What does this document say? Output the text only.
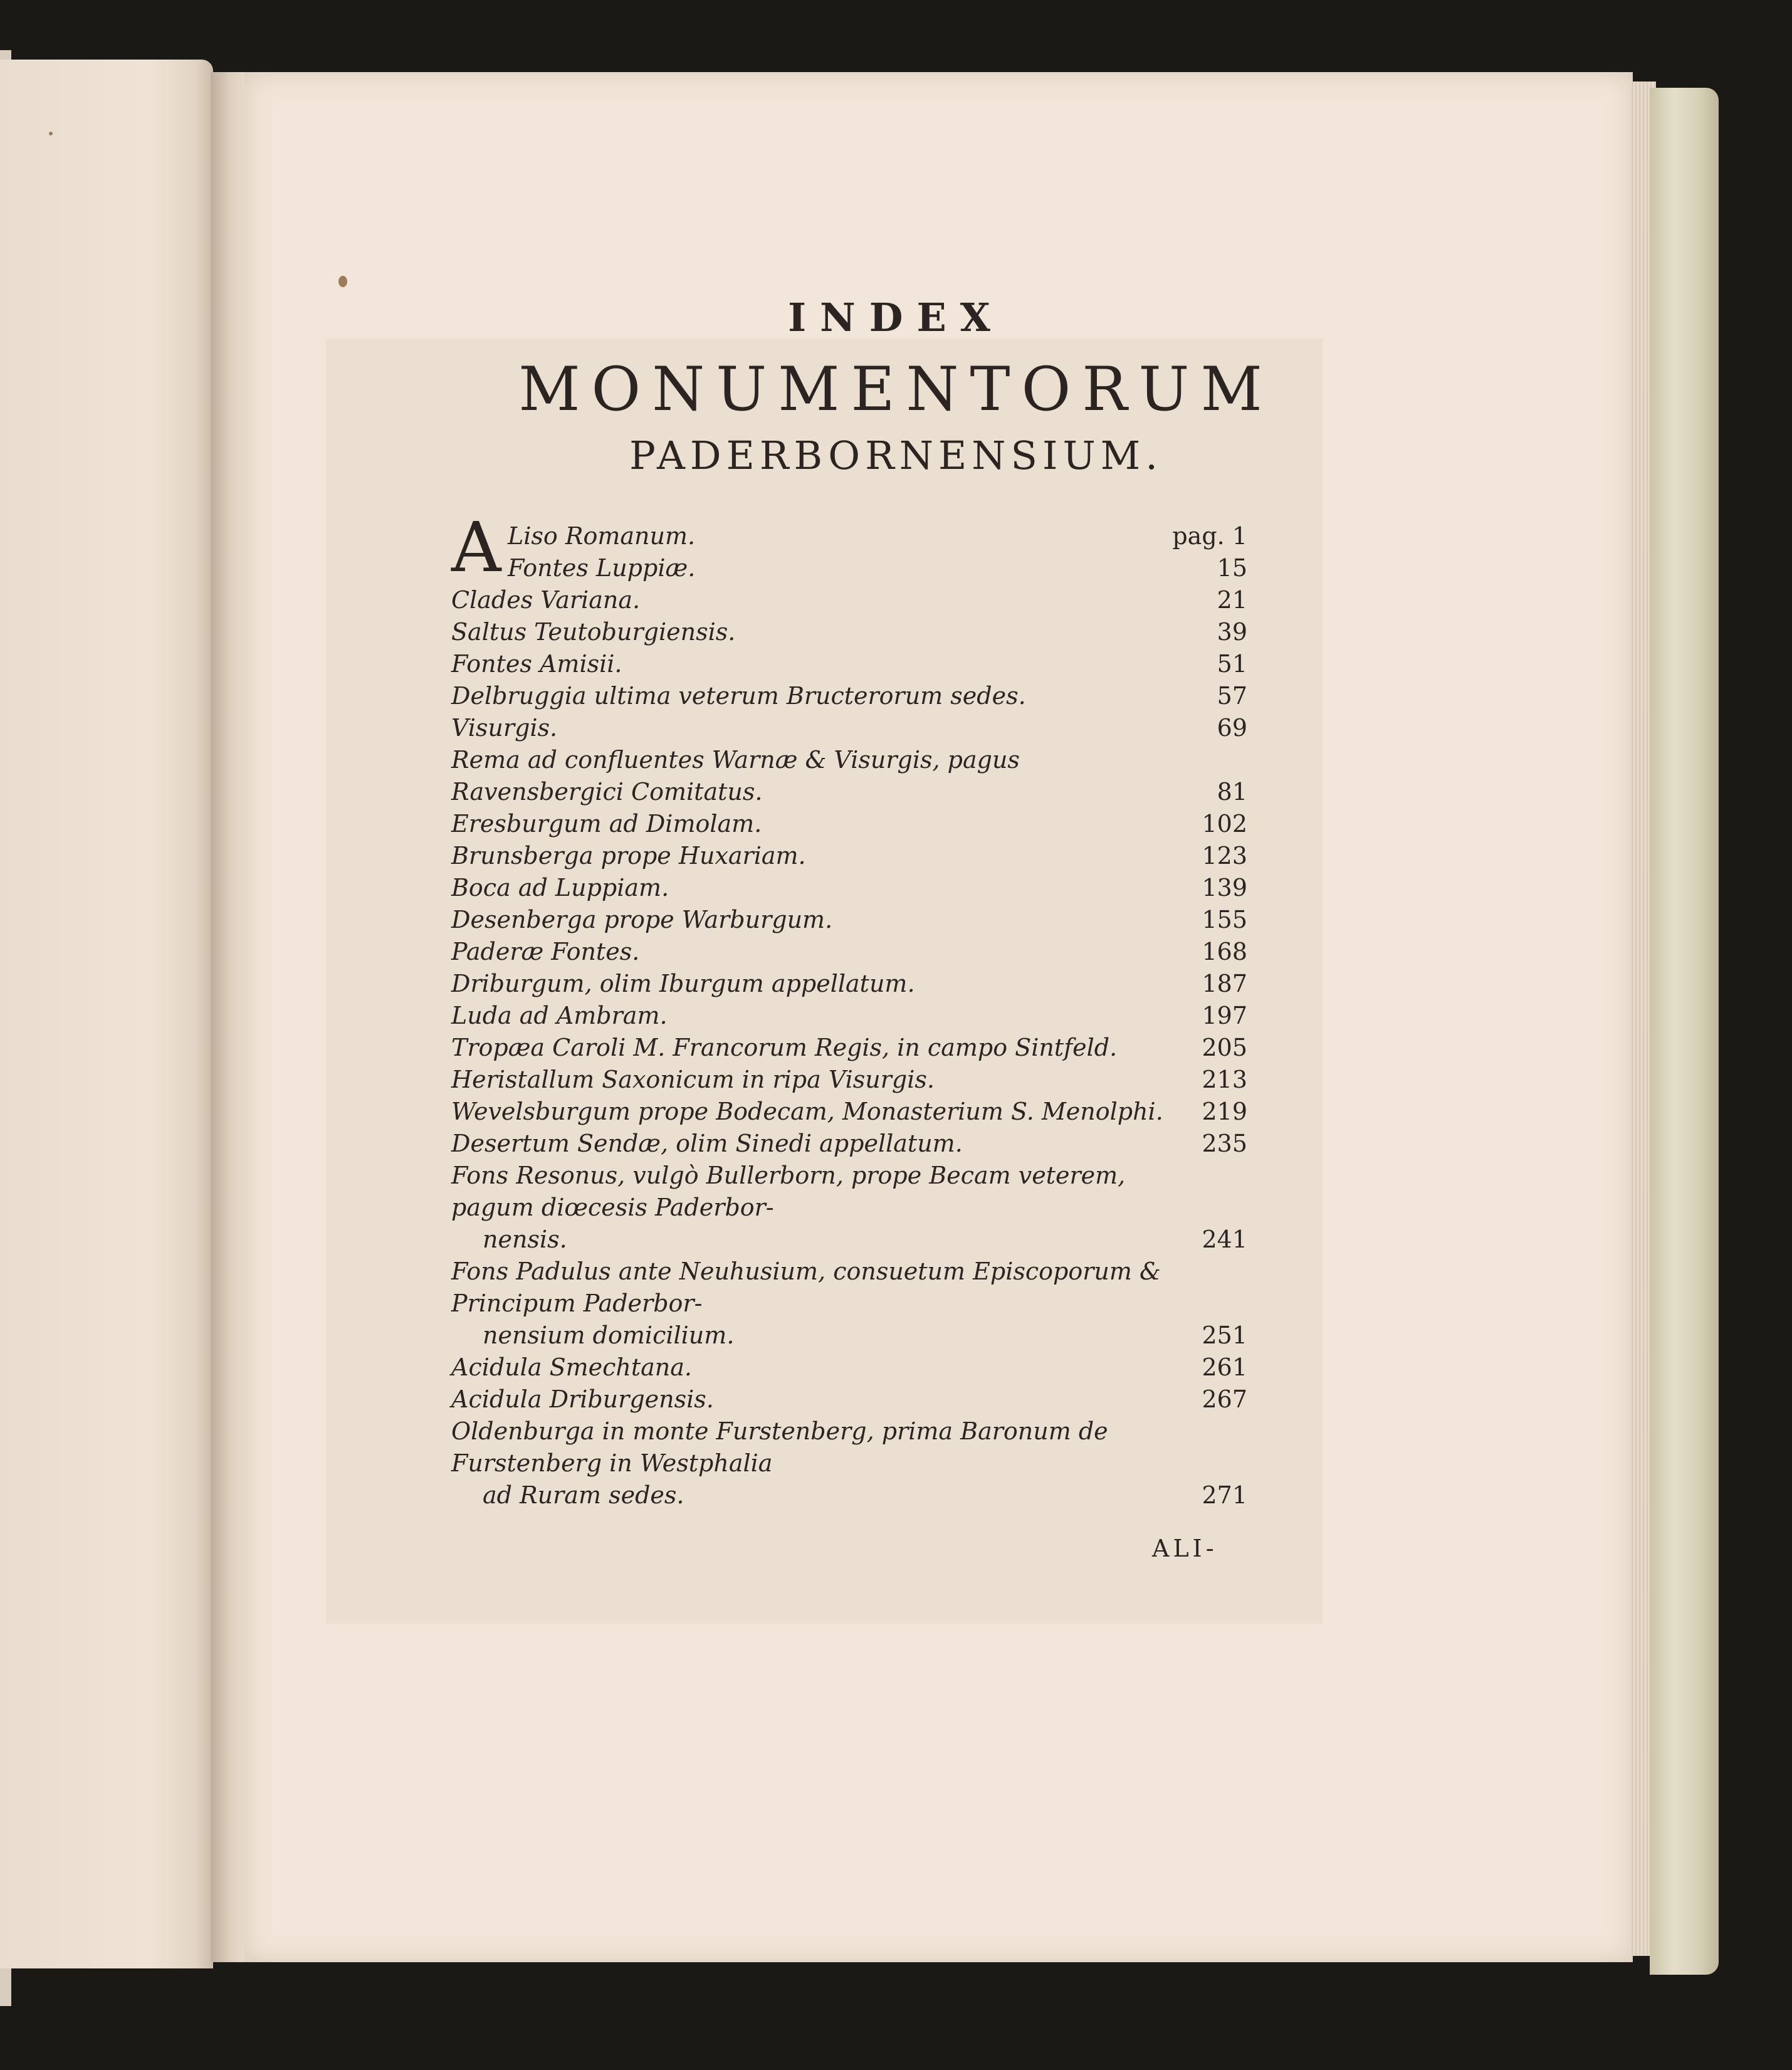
INDEX
MONUMENTORUM
PADERBORNENSIUM.
A Liso Romanum.	pag. 1
Fontes Luppiæ.	15
Clades Variana.	21
Saltus Teutoburgiensis.	39
Fontes Amisii.	51
Delbruggia ultima veterum Bructerorum sedes.	57
Visurgis.	69
Rema ad confluentes Warnæ & Visurgis, pagus Ravensbergici Comitatus.	81
Eresburgum ad Dimolam.	102
Brunsberga prope Huxariam.	123
Boca ad Luppiam.	139
Desenberga prope Warburgum.	155
Paderæ Fontes.	168
Driburgum, olim Iburgum appellatum.	187
Luda ad Ambram.	197
Tropæa Caroli M. Francorum Regis, in campo Sintfeld.	205
Heristallum Saxonicum in ripa Visurgis.	213
Wevelsburgum prope Bodecam, Monasterium S. Menolphi.	219
Desertum Sendæ, olim Sinedi appellatum.	235
Fons Resonus, vulgò Bullerborn, prope Becam veterem, pagum diœcesis Paderbor-
nensis.	241
Fons Padulus ante Neuhusium, consuetum Episcoporum & Principum Paderbor-
nensium domicilium.	251
Acidula Smechtana.	261
Acidula Driburgensis.	267
Oldenburga in monte Furstenberg, prima Baronum de Furstenberg in Westphalia
ad Ruram sedes.	271
ALI-
